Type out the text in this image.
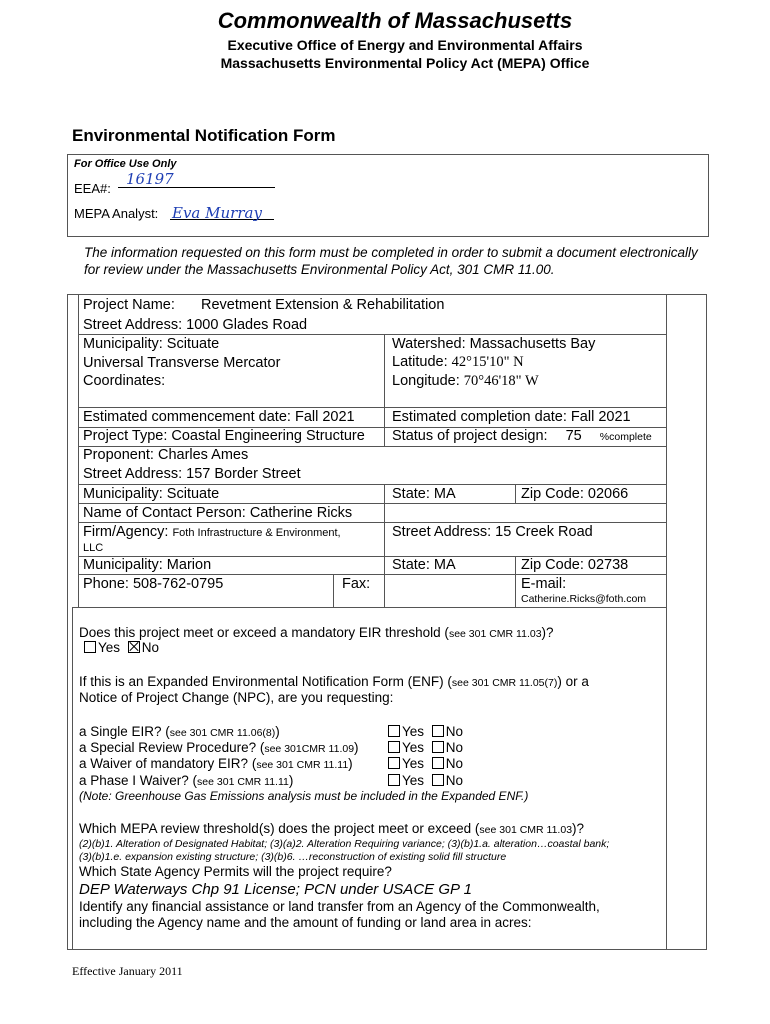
Commonwealth of Massachusetts
Executive Office of Energy and Environmental Affairs
Massachusetts Environmental Policy Act (MEPA) Office
Environmental Notification Form
For Office Use Only
EEA#:
16197
MEPA Analyst: Eva Murray
The information requested on this form must be completed in order to submit a document electronically
for review under the Massachusetts Environmental Policy Act, 301 CMR 11.00.
Project Name: Revetment Extension & Rehabilitation
Street Address: 1000 Glades Road
Municipality: Scituate	Watershed: Massachusetts Bay
Universal Transverse Mercator
Coordinates:
Latitude: 42°15'10" N
Longitude: 70°46'18" W
Estimated commencement date: Fall 2021	Estimated completion date: Fall 2021
Project Type: Coastal Engineering Structure Status of project design: 75 %complete
Proponent: Charles Ames
Street Address: 157 Border Street
Municipality: Scituate	State: MA	Zip Code: 02066
Name of Contact Person: Catherine Ricks
Firm/Agency: Foth Infrastructure & Environment,
LLC
Street Address: 15 Creek Road
Municipality: Marion	State: MA	Zip Code: 02738
Phone: 508-762-0795	Fax:	E-mail:
Catherine.Ricks@foth.com
Does this project meet or exceed a mandatory EIR threshold (see 301 CMR 11.03)?
Yes No
If this is an Expanded Environmental Notification Form (ENF) (see 301 CMR 11.05(7)) or a
Notice of Project Change (NPC), are you requesting:
a Single EIR? (see 301 CMR 11.06(8))	Yes No
a Special Review Procedure? (see 301CMR 11.09)	Yes No
a Waiver of mandatory EIR? (see 301 CMR 11.11)	Yes No
a Phase I Waiver? (see 301 CMR 11.11)	Yes No
(Note: Greenhouse Gas Emissions analysis must be included in the Expanded ENF.)
Which MEPA review threshold(s) does the project meet or exceed (see 301 CMR 11.03)?
(2)(b)1. Alteration of Designated Habitat; (3)(a)2. Alteration Requiring variance; (3)(b)1.a. alteration…coastal bank;
(3)(b)1.e. expansion existing structure; (3)(b)6. …reconstruction of existing solid fill structure
Which State Agency Permits will the project require?
DEP Waterways Chp 91 License; PCN under USACE GP 1
Identify any financial assistance or land transfer from an Agency of the Commonwealth,
including the Agency name and the amount of funding or land area in acres:
Effective January 2011
